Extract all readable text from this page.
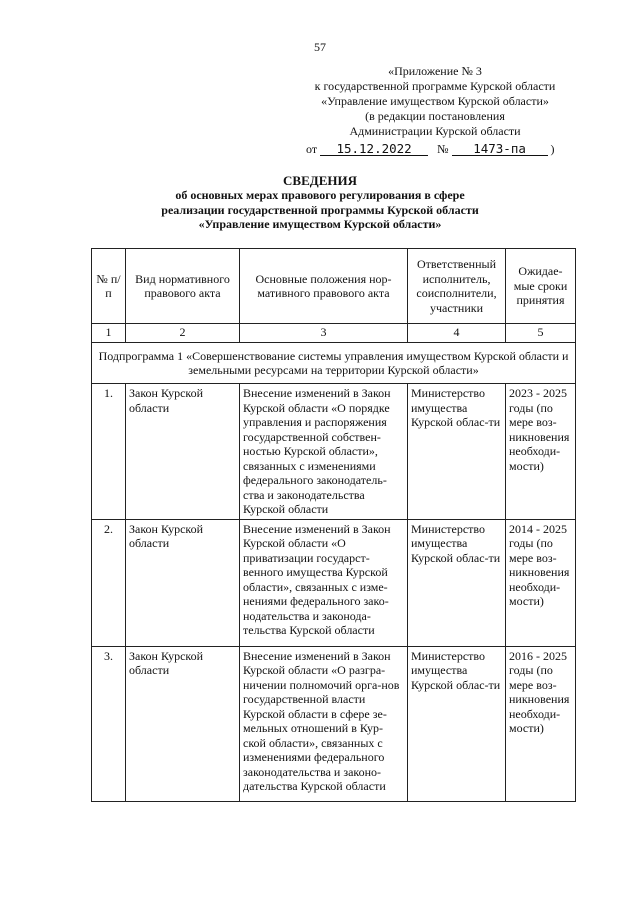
57
«Приложение № 3
к государственной программе Курской области
«Управление имуществом Курской области»
(в редакции постановления
Администрации Курской области
от 15.12.2022 № 1473-па )
СВЕДЕНИЯ
об основных мерах правового регулирования в сфере
реализации государственной программы Курской области
«Управление имуществом Курской области»
№ п/п	Вид нормативного правового акта	Основные положения нор-мативного правового акта	Ответственный исполнитель, соисполнители, участники	Ожидае-мые сроки принятия
1	2	3	4	5
Подпрограмма 1 «Совершенствование системы управления имуществом Курской области и земельными ресурсами на территории Курской области»				
1.	Закон Курской области	Внесение изменений в Закон Курской области «О порядке управления и распоряжения государственной собствен-ностью Курской области», связанных с изменениями федерального законодатель-ства и законодательства Курской области	Министерство имущества Курской облас-ти	2023 - 2025 годы (по мере воз-никновения необходи-мости)
2.	Закон Курской области	Внесение изменений в Закон Курской области «О приватизации государст-венного имущества Курской области», связанных с изме-нениями федерального зако-нодательства и законода-тельства Курской области	Министерство имущества Курской облас-ти	2014 - 2025 годы (по мере воз-никновения необходи-мости)
3.	Закон Курской области	Внесение изменений в Закон Курской области «О разгра-ничении полномочий орга-нов государственной власти Курской области в сфере зе-мельных отношений в Кур-ской области», связанных с изменениями федерального законодательства и законо-дательства Курской области	Министерство имущества Курской облас-ти	2016 - 2025 годы (по мере воз-никновения необходи-мости)
